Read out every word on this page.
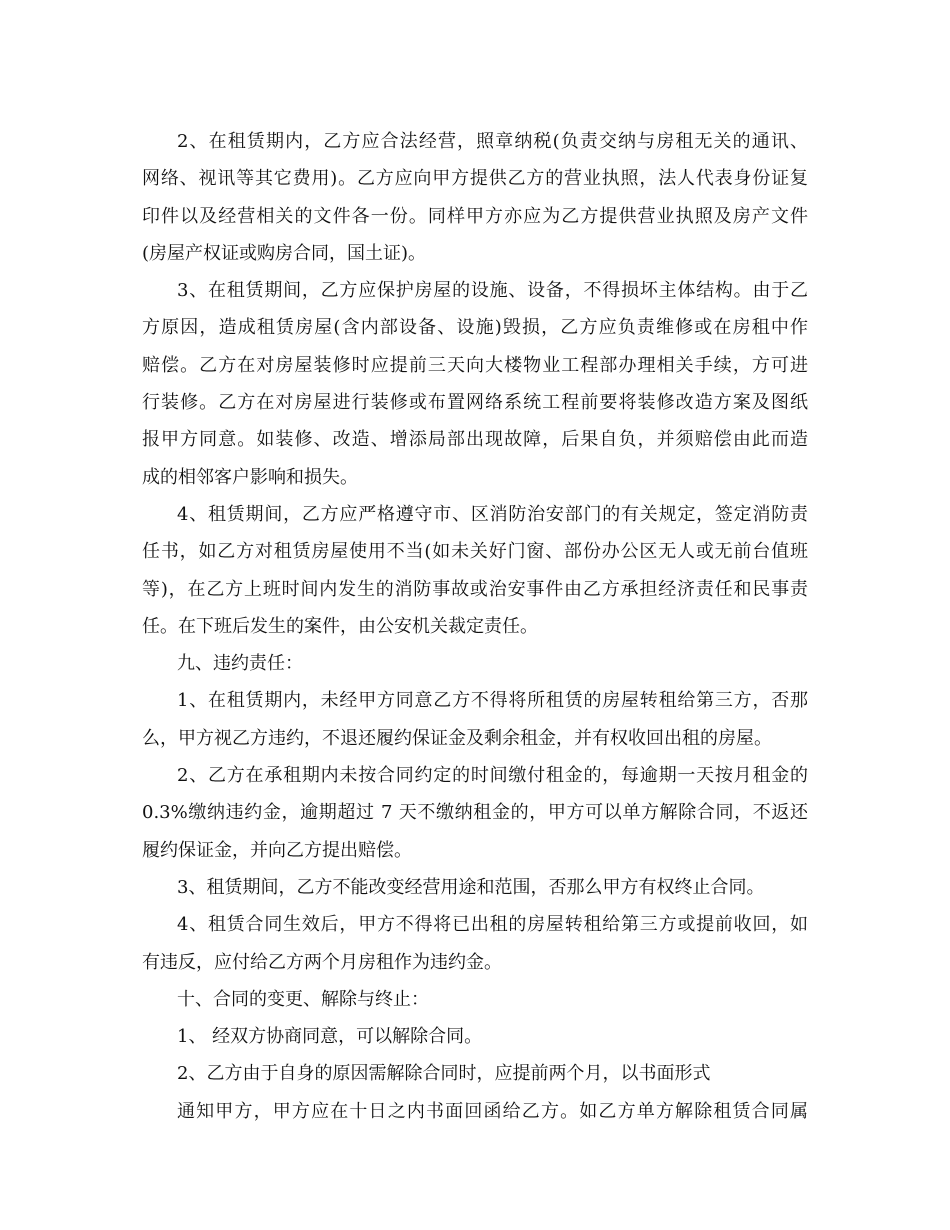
2、在租赁期内，乙方应合法经营，照章纳税(负责交纳与房租无关的通讯、
网络、视讯等其它费用)。乙方应向甲方提供乙方的营业执照，法人代表身份证复
印件以及经营相关的文件各一份。同样甲方亦应为乙方提供营业执照及房产文件
(房屋产权证或购房合同，国土证)。
3、在租赁期间，乙方应保护房屋的设施、设备，不得损坏主体结构。由于乙
方原因，造成租赁房屋(含内部设备、设施)毁损，乙方应负责维修或在房租中作
赔偿。乙方在对房屋装修时应提前三天向大楼物业工程部办理相关手续，方可进
行装修。乙方在对房屋进行装修或布置网络系统工程前要将装修改造方案及图纸
报甲方同意。如装修、改造、增添局部出现故障，后果自负，并须赔偿由此而造
成的相邻客户影响和损失。
4、租赁期间，乙方应严格遵守市、区消防治安部门的有关规定，签定消防责
任书，如乙方对租赁房屋使用不当(如未关好门窗、部份办公区无人或无前台值班
等)，在乙方上班时间内发生的消防事故或治安事件由乙方承担经济责任和民事责
任。在下班后发生的案件，由公安机关裁定责任。
九、违约责任：
1、在租赁期内，未经甲方同意乙方不得将所租赁的房屋转租给第三方，否那
么，甲方视乙方违约，不退还履约保证金及剩余租金，并有权收回出租的房屋。
2、乙方在承租期内未按合同约定的时间缴付租金的，每逾期一天按月租金的
0.3%缴纳违约金，逾期超过 7 天不缴纳租金的，甲方可以单方解除合同，不返还
履约保证金，并向乙方提出赔偿。
3、租赁期间，乙方不能改变经营用途和范围，否那么甲方有权终止合同。
4、租赁合同生效后，甲方不得将已出租的房屋转租给第三方或提前收回，如
有违反，应付给乙方两个月房租作为违约金。
十、合同的变更、解除与终止：
1、 经双方协商同意，可以解除合同。
2、乙方由于自身的原因需解除合同时，应提前两个月，以书面形式
通知甲方，甲方应在十日之内书面回函给乙方。如乙方单方解除租赁合同属
